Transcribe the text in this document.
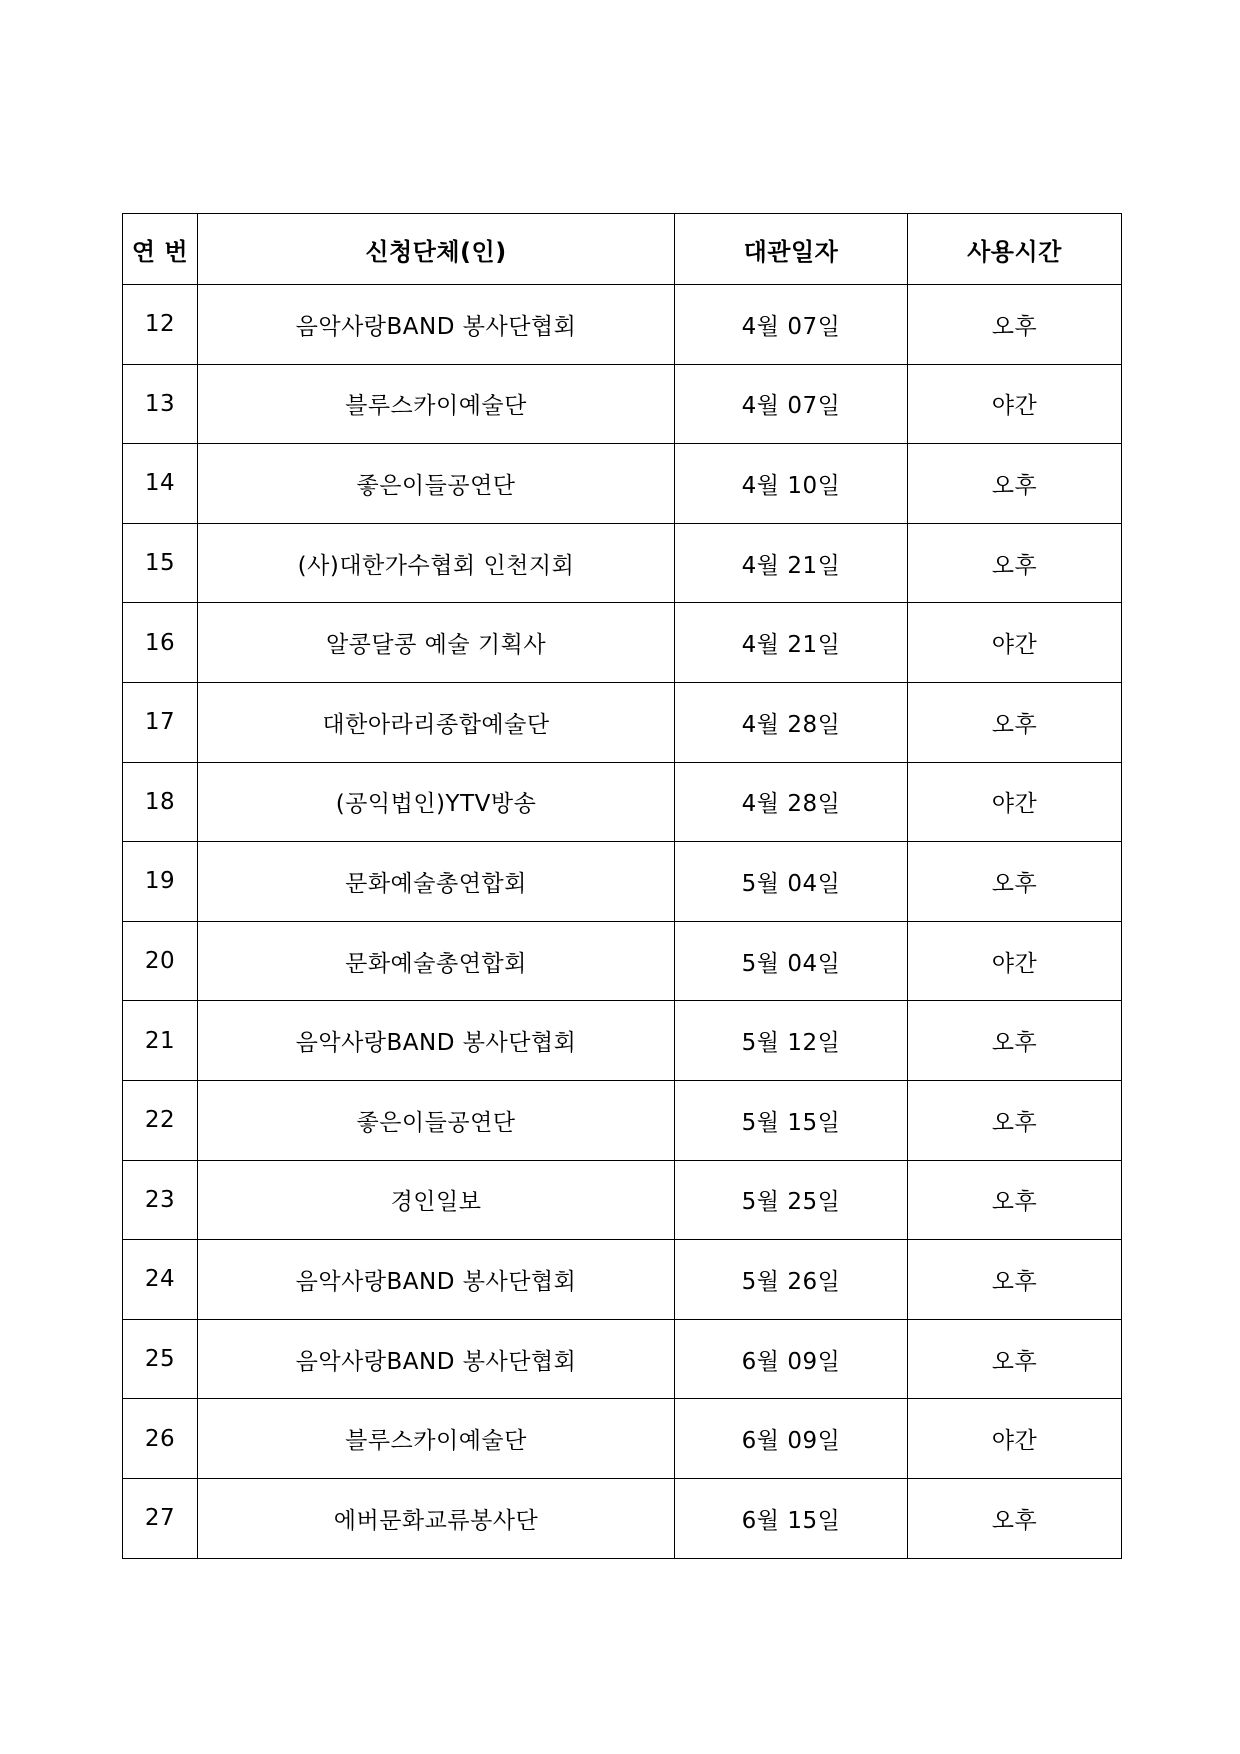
연 번	신청단체(인)	대관일자	사용시간
12	음악사랑BAND 봉사단협회	4월 07일	오후
13	블루스카이예술단	4월 07일	야간
14	좋은이들공연단	4월 10일	오후
15	(사)대한가수협회 인천지회	4월 21일	오후
16	알콩달콩 예술 기획사	4월 21일	야간
17	대한아라리종합예술단	4월 28일	오후
18	(공익법인)YTV방송	4월 28일	야간
19	문화예술총연합회	5월 04일	오후
20	문화예술총연합회	5월 04일	야간
21	음악사랑BAND 봉사단협회	5월 12일	오후
22	좋은이들공연단	5월 15일	오후
23	경인일보	5월 25일	오후
24	음악사랑BAND 봉사단협회	5월 26일	오후
25	음악사랑BAND 봉사단협회	6월 09일	오후
26	블루스카이예술단	6월 09일	야간
27	에버문화교류봉사단	6월 15일	오후
